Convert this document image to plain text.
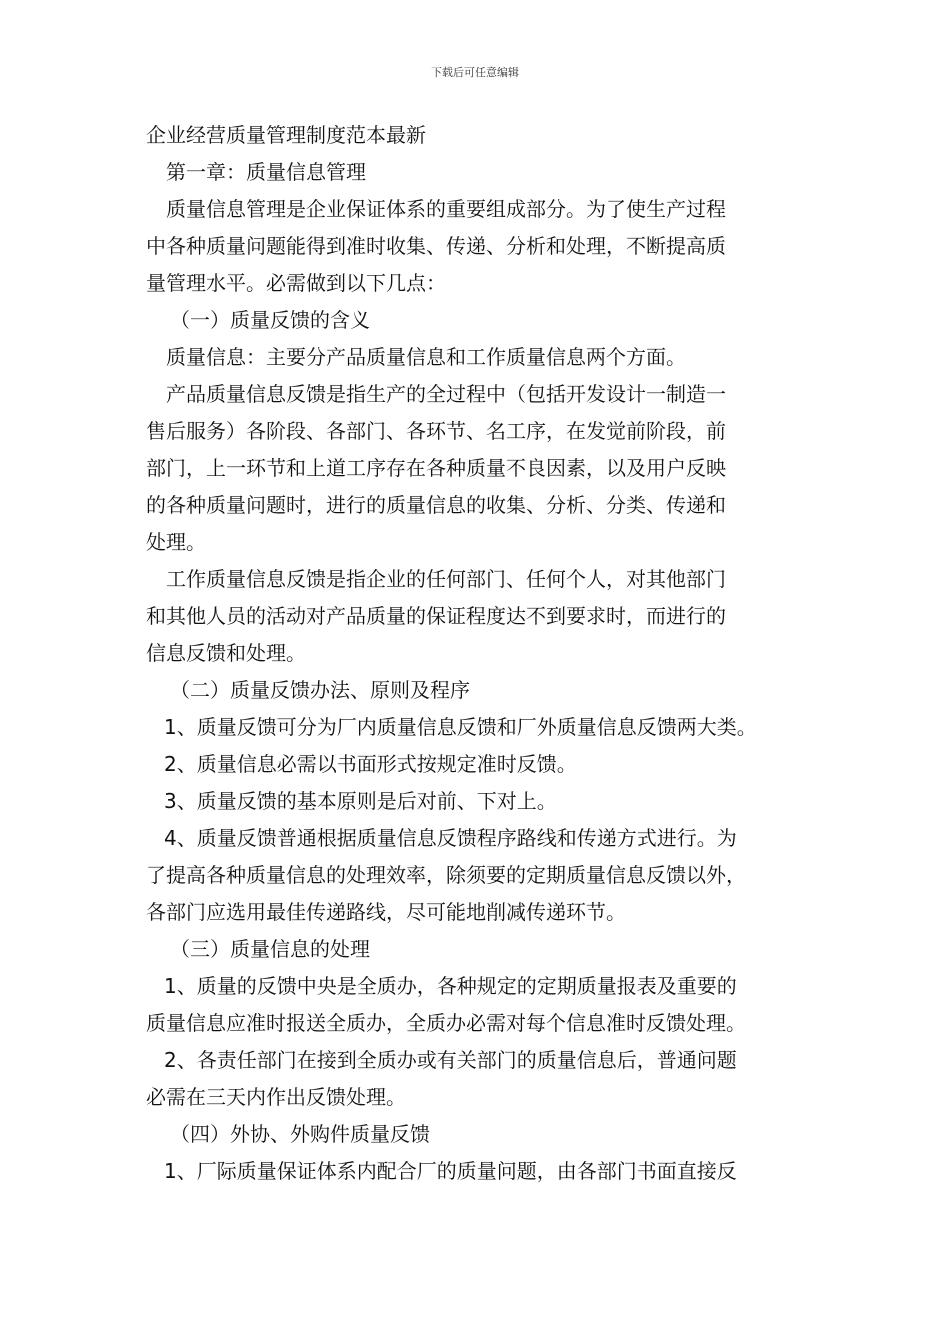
下载后可任意编辑

企业经营质量管理制度范本最新

第一章：质量信息管理

质量信息管理是企业保证体系的重要组成部分。为了使生产过程

中各种质量问题能得到准时收集、传递、分析和处理，不断提高质

量管理水平。必需做到以下几点：

（一）质量反馈的含义

质量信息：主要分产品质量信息和工作质量信息两个方面。

产品质量信息反馈是指生产的全过程中（包括开发设计一制造一

售后服务）各阶段、各部门、各环节、名工序，在发觉前阶段，前

部门，上一环节和上道工序存在各种质量不良因素，以及用户反映

的各种质量问题时，进行的质量信息的收集、分析、分类、传递和

处理。

工作质量信息反馈是指企业的任何部门、任何个人，对其他部门

和其他人员的活动对产品质量的保证程度达不到要求时，而进行的

信息反馈和处理。

（二）质量反馈办法、原则及程序

1、质量反馈可分为厂内质量信息反馈和厂外质量信息反馈两大类。

2、质量信息必需以书面形式按规定准时反馈。

3、质量反馈的基本原则是后对前、下对上。

4、质量反馈普通根据质量信息反馈程序路线和传递方式进行。为

了提高各种质量信息的处理效率，除须要的定期质量信息反馈以外，

各部门应选用最佳传递路线，尽可能地削减传递环节。

（三）质量信息的处理

1、质量的反馈中央是全质办，各种规定的定期质量报表及重要的

质量信息应准时报送全质办，全质办必需对每个信息准时反馈处理。

2、各责任部门在接到全质办或有关部门的质量信息后，普通问题

必需在三天内作出反馈处理。

（四）外协、外购件质量反馈

1、厂际质量保证体系内配合厂的质量问题，由各部门书面直接反
